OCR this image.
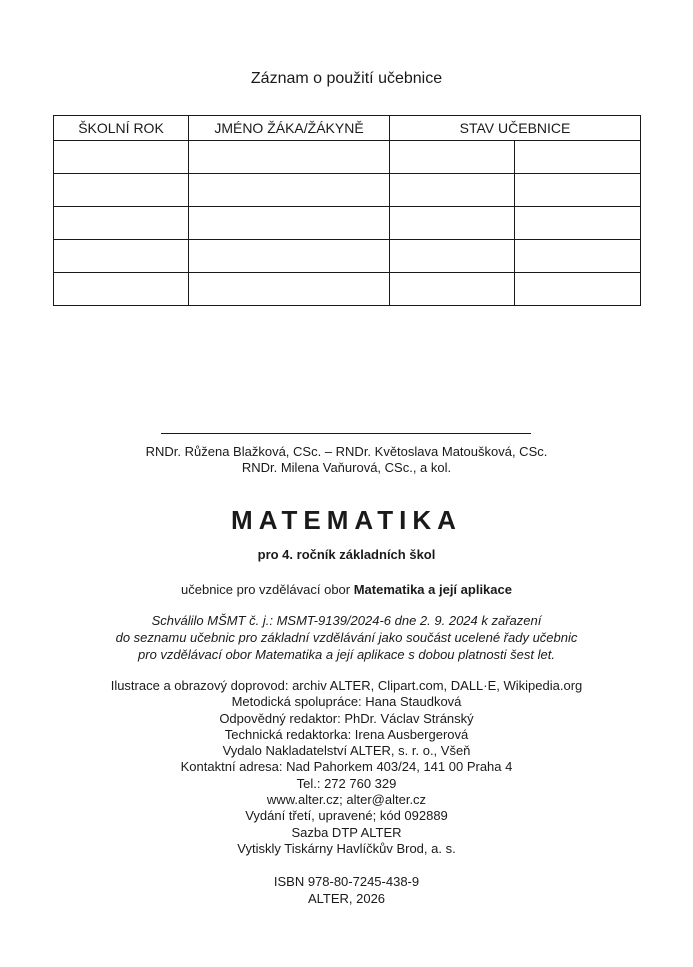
Záznam o použití učebnice
ŠKOLNÍ ROK	JMÉNO ŽÁKA/ŽÁKYNĚ	STAV UČEBNICE	

RNDr. Růžena Blažková, CSc. – RNDr. Květoslava Matoušková, CSc.
RNDr. Milena Vaňurová, CSc., a kol.
MATEMATIKA
pro 4. ročník základních škol
učebnice pro vzdělávací obor Matematika a její aplikace
Schválilo MŠMT č. j.: MSMT-9139/2024-6 dne 2. 9. 2024 k zařazení
do seznamu učebnic pro základní vzdělávání jako součást ucelené řady učebnic
pro vzdělávací obor Matematika a její aplikace s dobou platnosti šest let.
Ilustrace a obrazový doprovod: archiv ALTER, Clipart.com, DALL·E, Wikipedia.org
Metodická spolupráce: Hana Staudková
Odpovědný redaktor: PhDr. Václav Stránský
Technická redaktorka: Irena Ausbergerová
Vydalo Nakladatelství ALTER, s. r. o., Všeň
Kontaktní adresa: Nad Pahorkem 403/24, 141 00 Praha 4
Tel.: 272 760 329
www.alter.cz; alter@alter.cz
Vydání třetí, upravené; kód 092889
Sazba DTP ALTER
Vytiskly Tiskárny Havlíčkův Brod, a. s.
ISBN 978-80-7245-438-9
ALTER, 2026
